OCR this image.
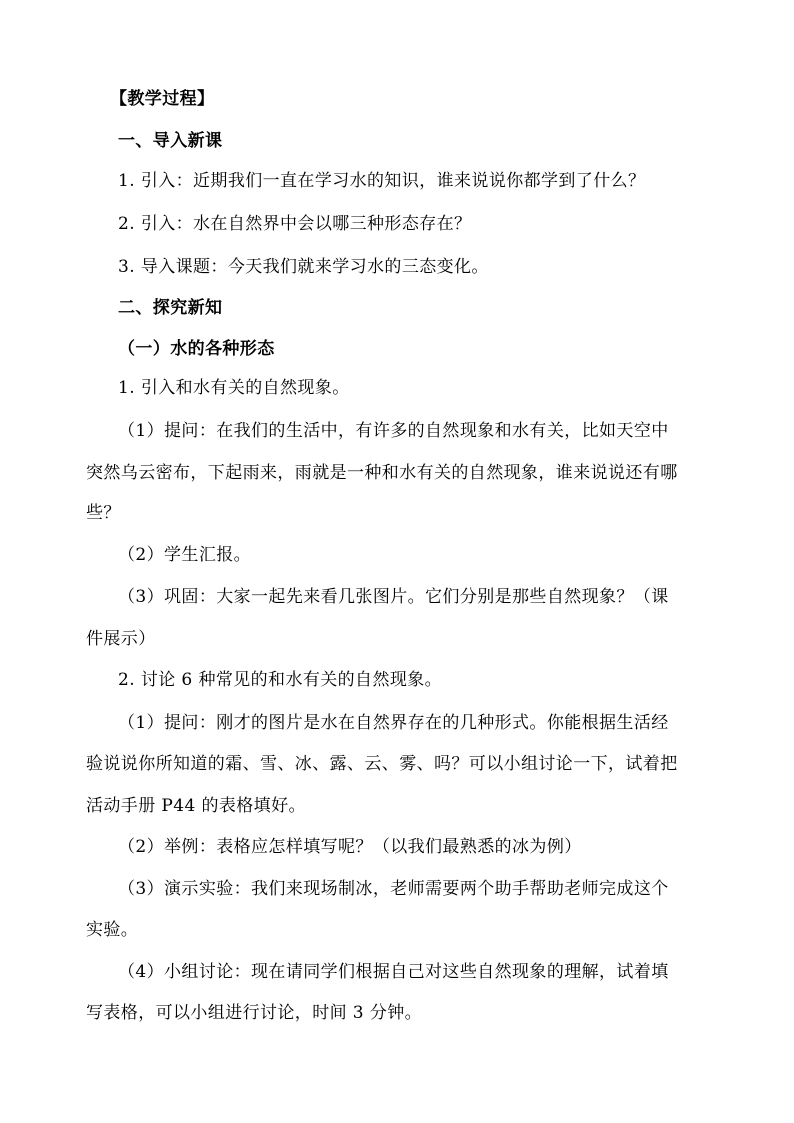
【教学过程】
一、导入新课
1. 引入：近期我们一直在学习水的知识，谁来说说你都学到了什么？
2. 引入：水在自然界中会以哪三种形态存在？
3. 导入课题：今天我们就来学习水的三态变化。
二、探究新知
（一）水的各种形态
1. 引入和水有关的自然现象。
（1）提问：在我们的生活中，有许多的自然现象和水有关，比如天空中
突然乌云密布，下起雨来，雨就是一种和水有关的自然现象，谁来说说还有哪
些？
（2）学生汇报。
（3）巩固：大家一起先来看几张图片。它们分别是那些自然现象？（课
件展示）
2. 讨论 6 种常见的和水有关的自然现象。
（1）提问：刚才的图片是水在自然界存在的几种形式。你能根据生活经
验说说你所知道的霜、雪、冰、露、云、雾、吗？可以小组讨论一下，试着把
活动手册 P44 的表格填好。
（2）举例：表格应怎样填写呢？（以我们最熟悉的冰为例）
（3）演示实验：我们来现场制冰，老师需要两个助手帮助老师完成这个
实验。
（4）小组讨论：现在请同学们根据自己对这些自然现象的理解，试着填
写表格，可以小组进行讨论，时间 3 分钟。
